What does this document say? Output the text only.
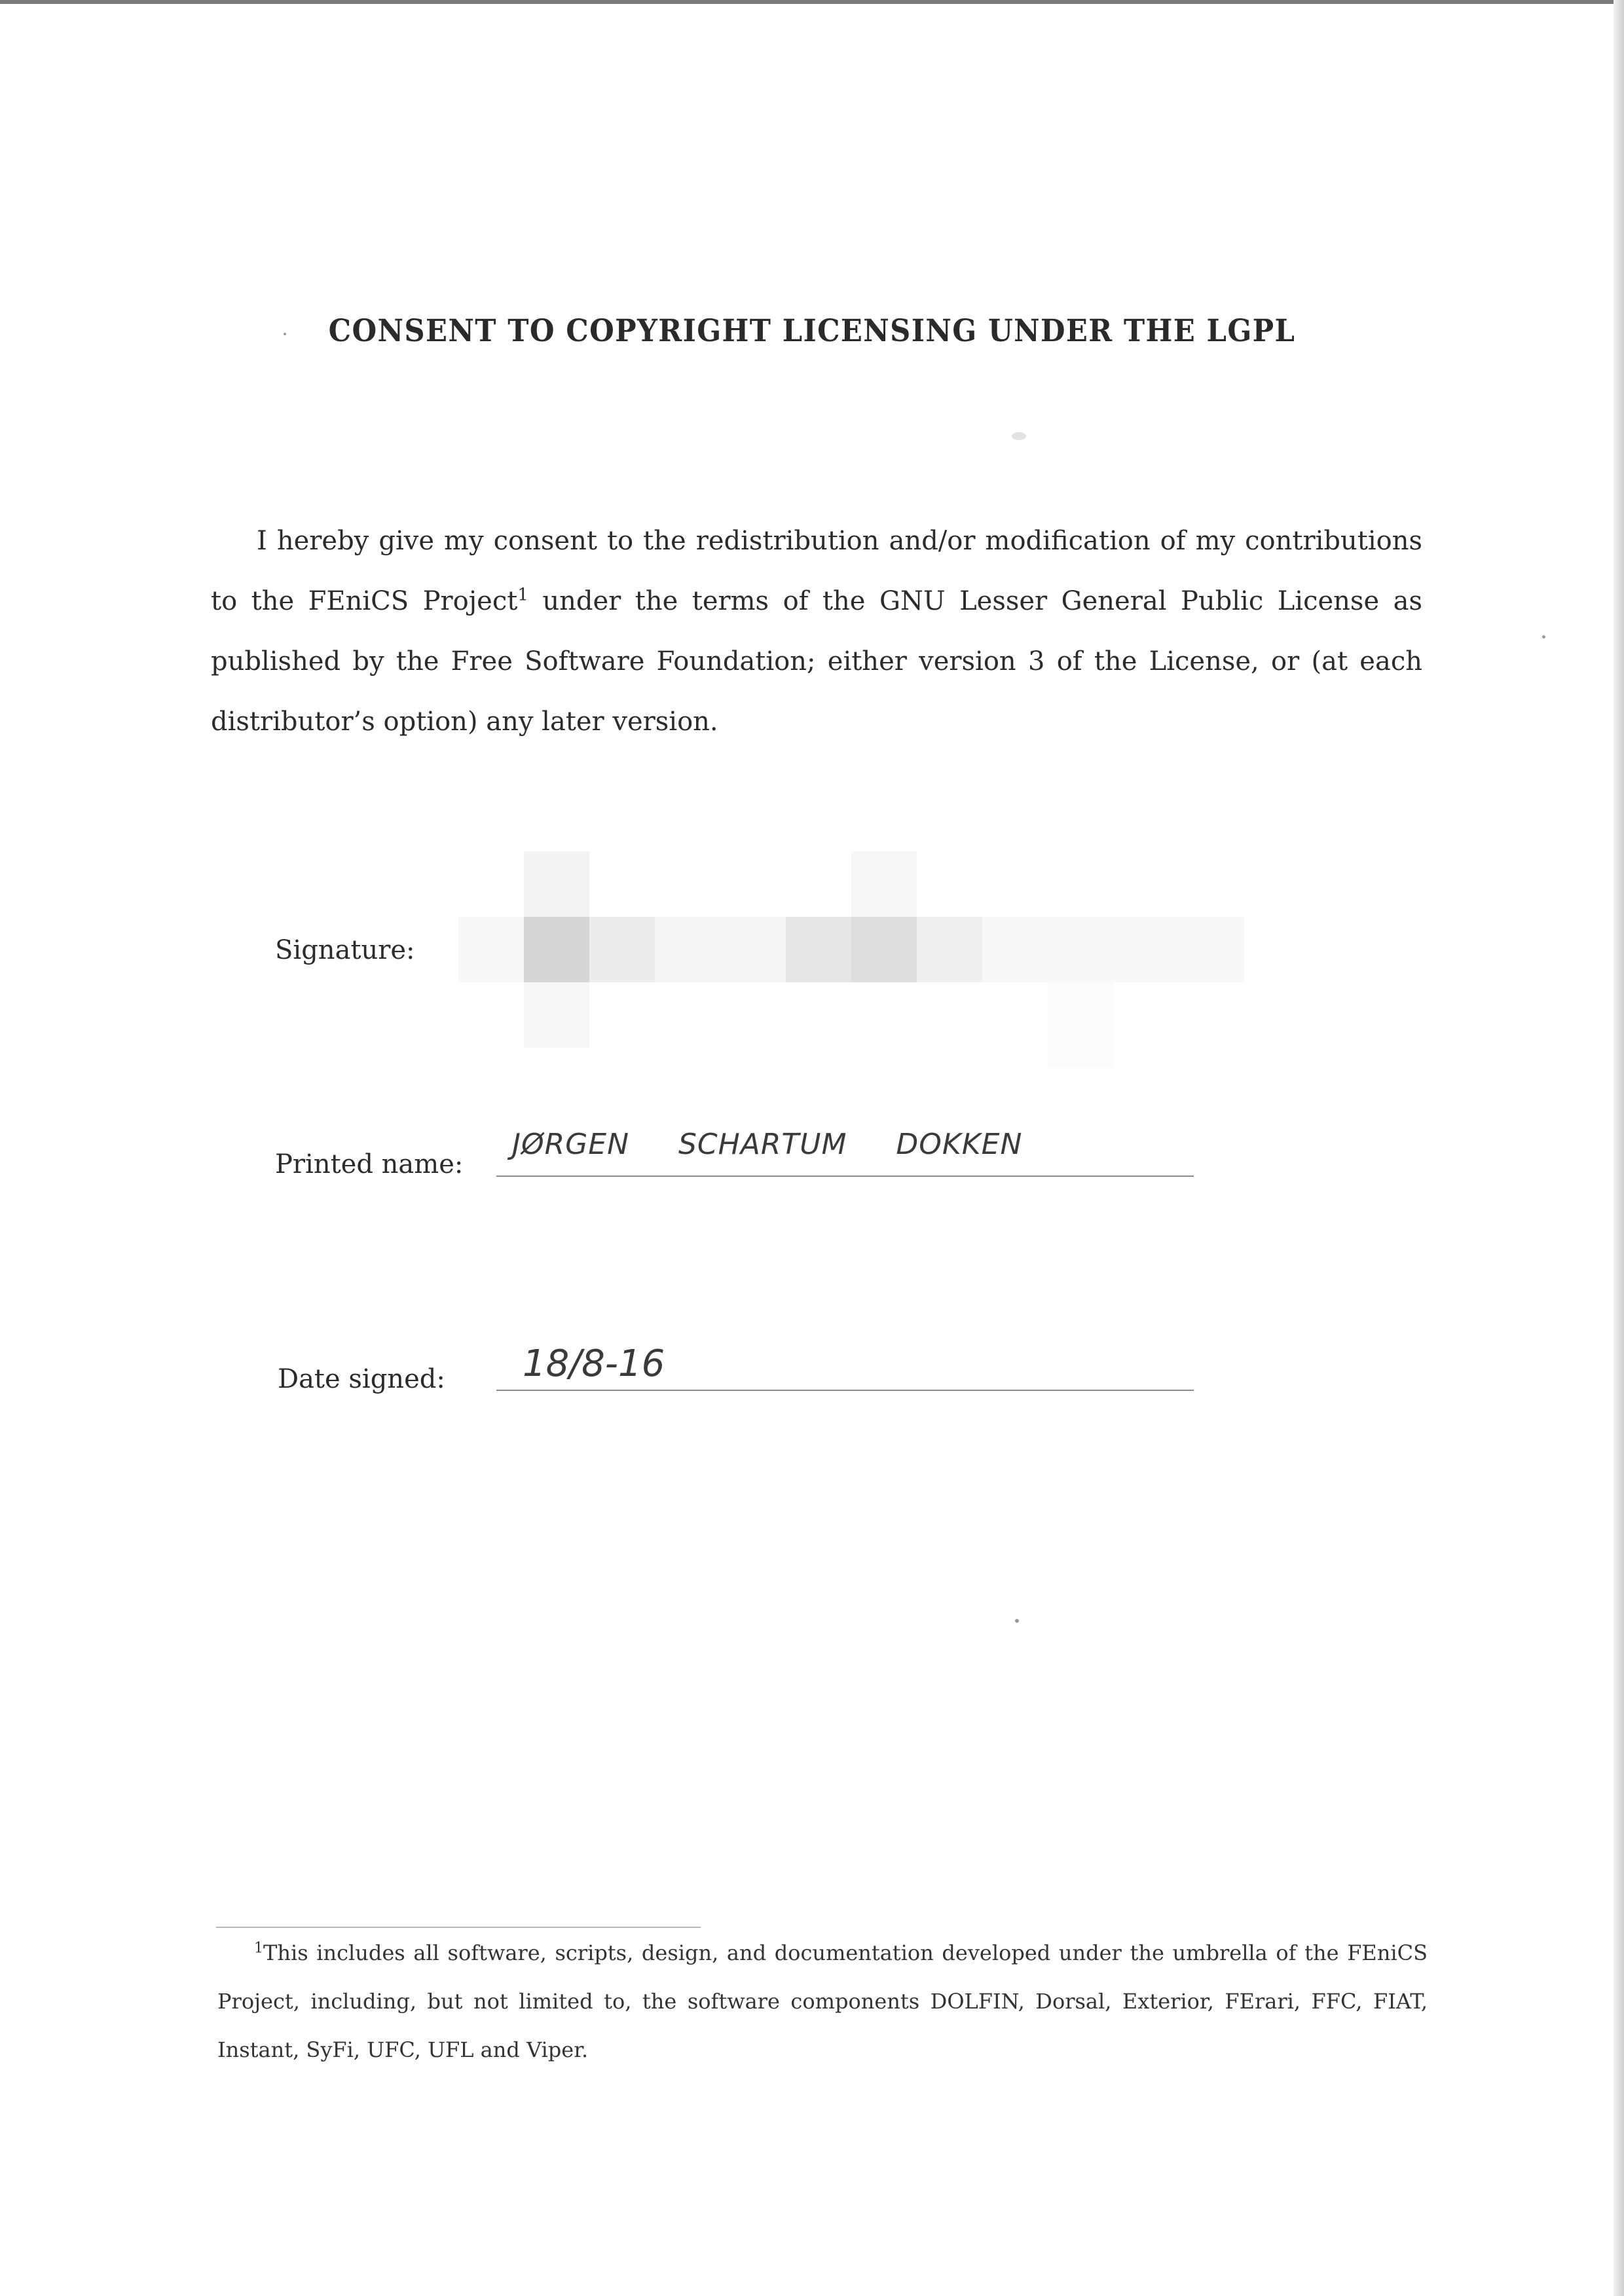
CONSENT TO COPYRIGHT LICENSING UNDER THE LGPL
I hereby give my consent to the redistribution and/or modification of my contributions to the FEniCS Project$^1$ under the terms of the GNU Lesser General Public License as published by the Free Software Foundation; either version 3 of the License, or (at each distributor’s option) any later version.
Signature:
Printed name:
JØRGEN SCHARTUM DOKKEN
Date signed: 18/8-16
$^1$This includes all software, scripts, design, and documentation developed under the umbrella of the FEniCS Project, including, but not limited to, the software components DOLFIN, Dorsal, Exterior, FErari, FFC, FIAT, Instant, SyFi, UFC, UFL and Viper.
